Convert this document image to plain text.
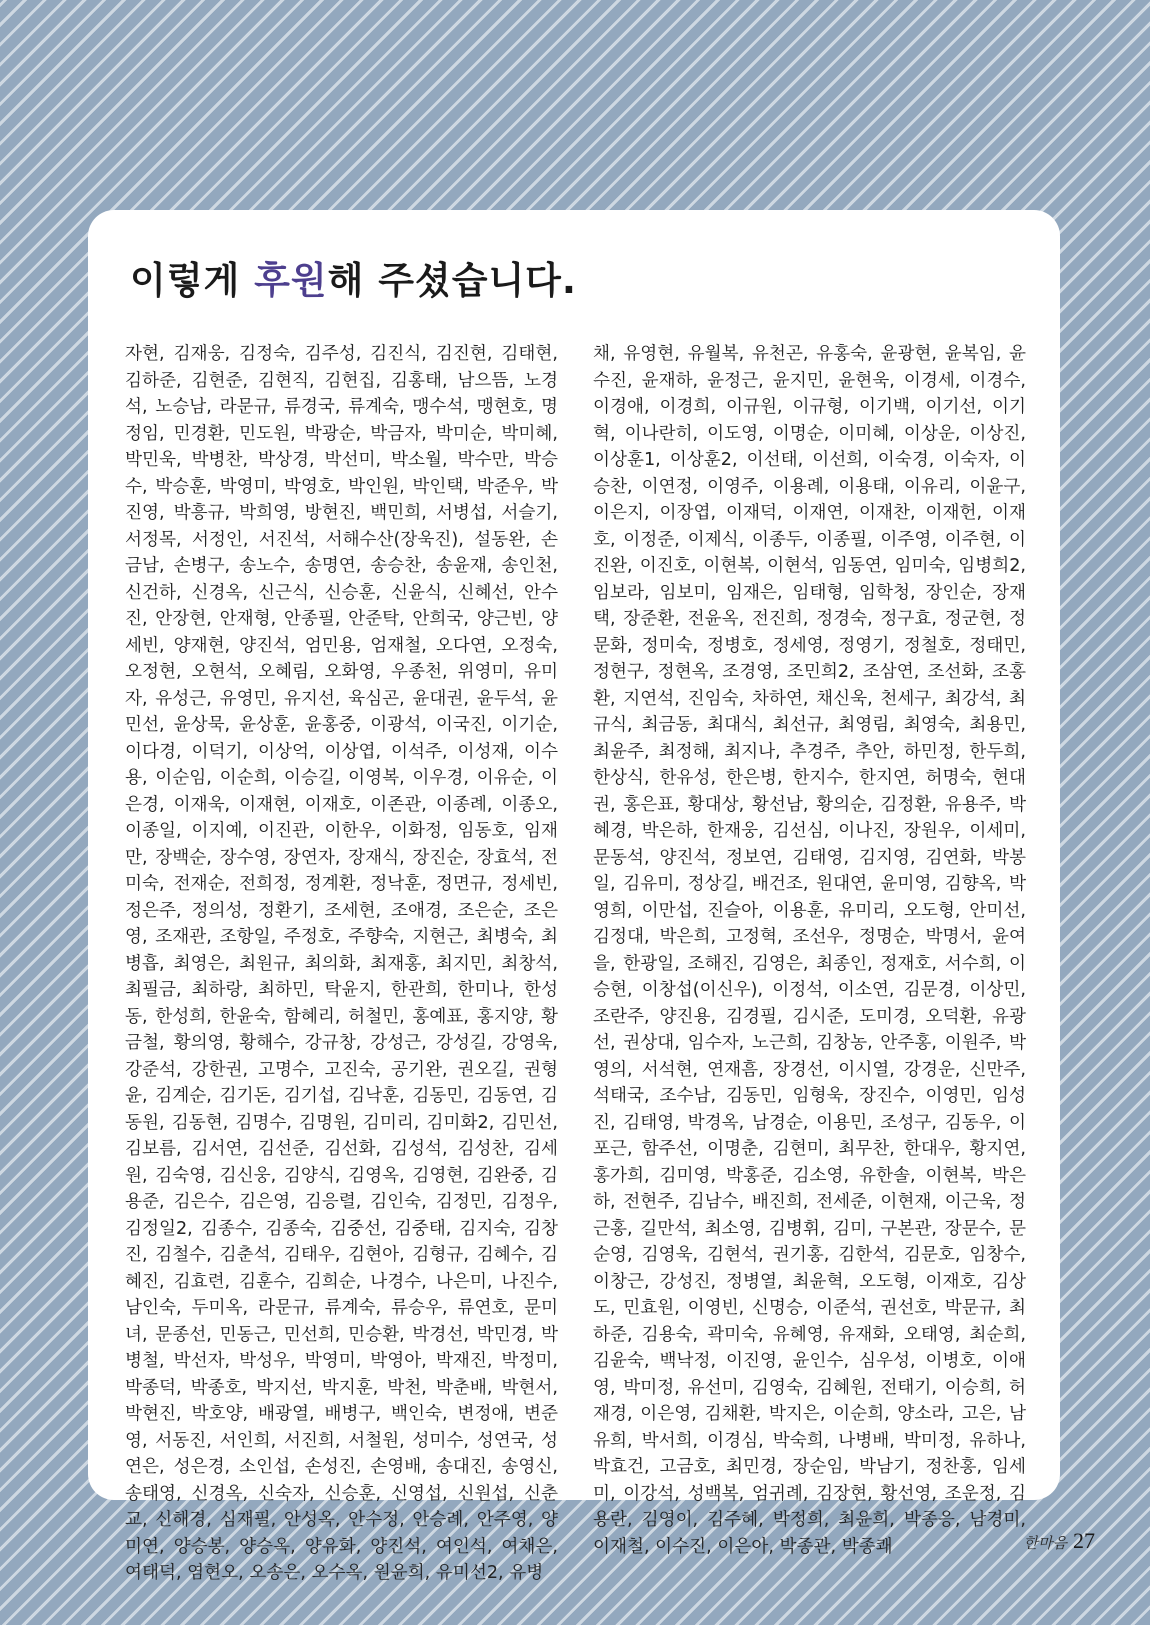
이렇게 후원해 주셨습니다.
자현, 김재웅, 김정숙, 김주성, 김진식, 김진현, 김태현,
김하준, 김현준, 김현직, 김현집, 김홍태, 남으뜸, 노경
석, 노승남, 라문규, 류경국, 류계숙, 맹수석, 맹현호, 명
정임, 민경환, 민도원, 박광순, 박금자, 박미순, 박미혜,
박민욱, 박병찬, 박상경, 박선미, 박소월, 박수만, 박승
수, 박승훈, 박영미, 박영호, 박인원, 박인택, 박준우, 박
진영, 박흥규, 박희영, 방현진, 백민희, 서병섭, 서슬기,
서정목, 서정인, 서진석, 서해수산(장욱진), 설동완, 손
금남, 손병구, 송노수, 송명연, 송승찬, 송윤재, 송인천,
신건하, 신경옥, 신근식, 신승훈, 신윤식, 신혜선, 안수
진, 안장현, 안재형, 안종필, 안준탁, 안희국, 양근빈, 양
세빈, 양재현, 양진석, 엄민용, 엄재철, 오다연, 오정숙,
오정현, 오현석, 오혜림, 오화영, 우종천, 위영미, 유미
자, 유성근, 유영민, 유지선, 육심곤, 윤대권, 윤두석, 윤
민선, 윤상묵, 윤상훈, 윤홍중, 이광석, 이국진, 이기순,
이다경, 이덕기, 이상억, 이상엽, 이석주, 이성재, 이수
용, 이순임, 이순희, 이승길, 이영복, 이우경, 이유순, 이
은경, 이재욱, 이재현, 이재호, 이존관, 이종례, 이종오,
이종일, 이지예, 이진관, 이한우, 이화정, 임동호, 임재
만, 장백순, 장수영, 장연자, 장재식, 장진순, 장효석, 전
미숙, 전재순, 전희정, 정계환, 정낙훈, 정면규, 정세빈,
정은주, 정의성, 정환기, 조세현, 조애경, 조은순, 조은
영, 조재관, 조항일, 주정호, 주향숙, 지현근, 최병숙, 최
병흡, 최영은, 최원규, 최의화, 최재홍, 최지민, 최창석,
최필금, 최하랑, 최하민, 탁윤지, 한관희, 한미나, 한성
동, 한성희, 한윤숙, 함혜리, 허철민, 홍예표, 홍지양, 황
금철, 황의영, 황해수, 강규창, 강성근, 강성길, 강영욱,
강준석, 강한권, 고명수, 고진숙, 공기완, 권오길, 권형
윤, 김계순, 김기돈, 김기섭, 김낙훈, 김동민, 김동연, 김
동원, 김동현, 김명수, 김명원, 김미리, 김미화2, 김민선,
김보름, 김서연, 김선준, 김선화, 김성석, 김성찬, 김세
원, 김숙영, 김신웅, 김양식, 김영옥, 김영현, 김완중, 김
용준, 김은수, 김은영, 김응렬, 김인숙, 김정민, 김정우,
김정일2, 김종수, 김종숙, 김중선, 김중태, 김지숙, 김창
진, 김철수, 김춘석, 김태우, 김현아, 김형규, 김혜수, 김
혜진, 김효련, 김훈수, 김희순, 나경수, 나은미, 나진수,
남인숙, 두미옥, 라문규, 류계숙, 류승우, 류연호, 문미
녀, 문종선, 민동근, 민선희, 민승환, 박경선, 박민경, 박
병철, 박선자, 박성우, 박영미, 박영아, 박재진, 박정미,
박종덕, 박종호, 박지선, 박지훈, 박천, 박춘배, 박현서,
박현진, 박호양, 배광열, 배병구, 백인숙, 변정애, 변준
영, 서동진, 서인희, 서진희, 서철원, 성미수, 성연국, 성
연은, 성은경, 소인섭, 손성진, 손영배, 송대진, 송영신,
송태영, 신경옥, 신숙자, 신승훈, 신영섭, 신원섭, 신춘
교, 신해경, 심재필, 안성옥, 안수정, 안승례, 안주영, 양
미연, 양승봉, 양승옥, 양유화, 양진석, 여인석, 여채은,
여태덕, 염현오, 오송은, 오수옥, 원윤희, 유미선2, 유병
채, 유영현, 유월복, 유천곤, 유홍숙, 윤광현, 윤복임, 윤
수진, 윤재하, 윤정근, 윤지민, 윤현욱, 이경세, 이경수,
이경애, 이경희, 이규원, 이규형, 이기백, 이기선, 이기
혁, 이나란히, 이도영, 이명순, 이미혜, 이상운, 이상진,
이상훈1, 이상훈2, 이선태, 이선희, 이숙경, 이숙자, 이
승찬, 이연정, 이영주, 이용례, 이용태, 이유리, 이윤구,
이은지, 이장엽, 이재덕, 이재연, 이재찬, 이재헌, 이재
호, 이정준, 이제식, 이종두, 이종필, 이주영, 이주현, 이
진완, 이진호, 이현복, 이현석, 임동연, 임미숙, 임병희2,
임보라, 임보미, 임재은, 임태형, 임학청, 장인순, 장재
택, 장준환, 전윤옥, 전진희, 정경숙, 정구효, 정군현, 정
문화, 정미숙, 정병호, 정세영, 정영기, 정철호, 정태민,
정현구, 정현옥, 조경영, 조민희2, 조삼연, 조선화, 조홍
환, 지연석, 진임숙, 차하연, 채신욱, 천세구, 최강석, 최
규식, 최금동, 최대식, 최선규, 최영림, 최영숙, 최용민,
최윤주, 최정해, 최지나, 추경주, 추안, 하민정, 한두희,
한상식, 한유성, 한은병, 한지수, 한지연, 허명숙, 현대
권, 홍은표, 황대상, 황선남, 황의순, 김정환, 유용주, 박
혜경, 박은하, 한재웅, 김선심, 이나진, 장원우, 이세미,
문동석, 양진석, 정보연, 김태영, 김지영, 김연화, 박봉
일, 김유미, 정상길, 배건조, 원대연, 윤미영, 김향옥, 박
영희, 이만섭, 진슬아, 이용훈, 유미리, 오도형, 안미선,
김정대, 박은희, 고정혁, 조선우, 정명순, 박명서, 윤여
을, 한광일, 조해진, 김영은, 최종인, 정재호, 서수희, 이
승현, 이창섭(이신우), 이정석, 이소연, 김문경, 이상민,
조란주, 양진용, 김경필, 김시준, 도미경, 오덕환, 유광
선, 권상대, 임수자, 노근희, 김창농, 안주홍, 이원주, 박
영의, 서석현, 연재흠, 장경선, 이시열, 강경운, 신만주,
석태국, 조수남, 김동민, 임형욱, 장진수, 이영민, 임성
진, 김태영, 박경옥, 남경순, 이용민, 조성구, 김동우, 이
포근, 함주선, 이명춘, 김현미, 최무찬, 한대우, 황지연,
홍가희, 김미영, 박홍준, 김소영, 유한솔, 이현복, 박은
하, 전현주, 김남수, 배진희, 전세준, 이현재, 이근욱, 정
근홍, 길만석, 최소영, 김병휘, 김미, 구본관, 장문수, 문
순영, 김영욱, 김현석, 권기홍, 김한석, 김문호, 임창수,
이창근, 강성진, 정병열, 최윤혁, 오도형, 이재호, 김상
도, 민효원, 이영빈, 신명승, 이준석, 권선호, 박문규, 최
하준, 김용숙, 곽미숙, 유혜영, 유재화, 오태영, 최순희,
김윤숙, 백낙정, 이진영, 윤인수, 심우성, 이병호, 이애
영, 박미정, 유선미, 김영숙, 김혜원, 전태기, 이승희, 허
재경, 이은영, 김채환, 박지은, 이순희, 양소라, 고은, 남
유희, 박서희, 이경심, 박숙희, 나병배, 박미정, 유하나,
박효건, 고금호, 최민경, 장순임, 박남기, 정찬홍, 임세
미, 이강석, 성백복, 엄귀례, 김장현, 황선영, 조운정, 김
용란, 김영이, 김주혜, 박정희, 최윤희, 박종응, 남경미,
이재철, 이수진, 이은아, 박종관, 박종쾌	한마음 27
